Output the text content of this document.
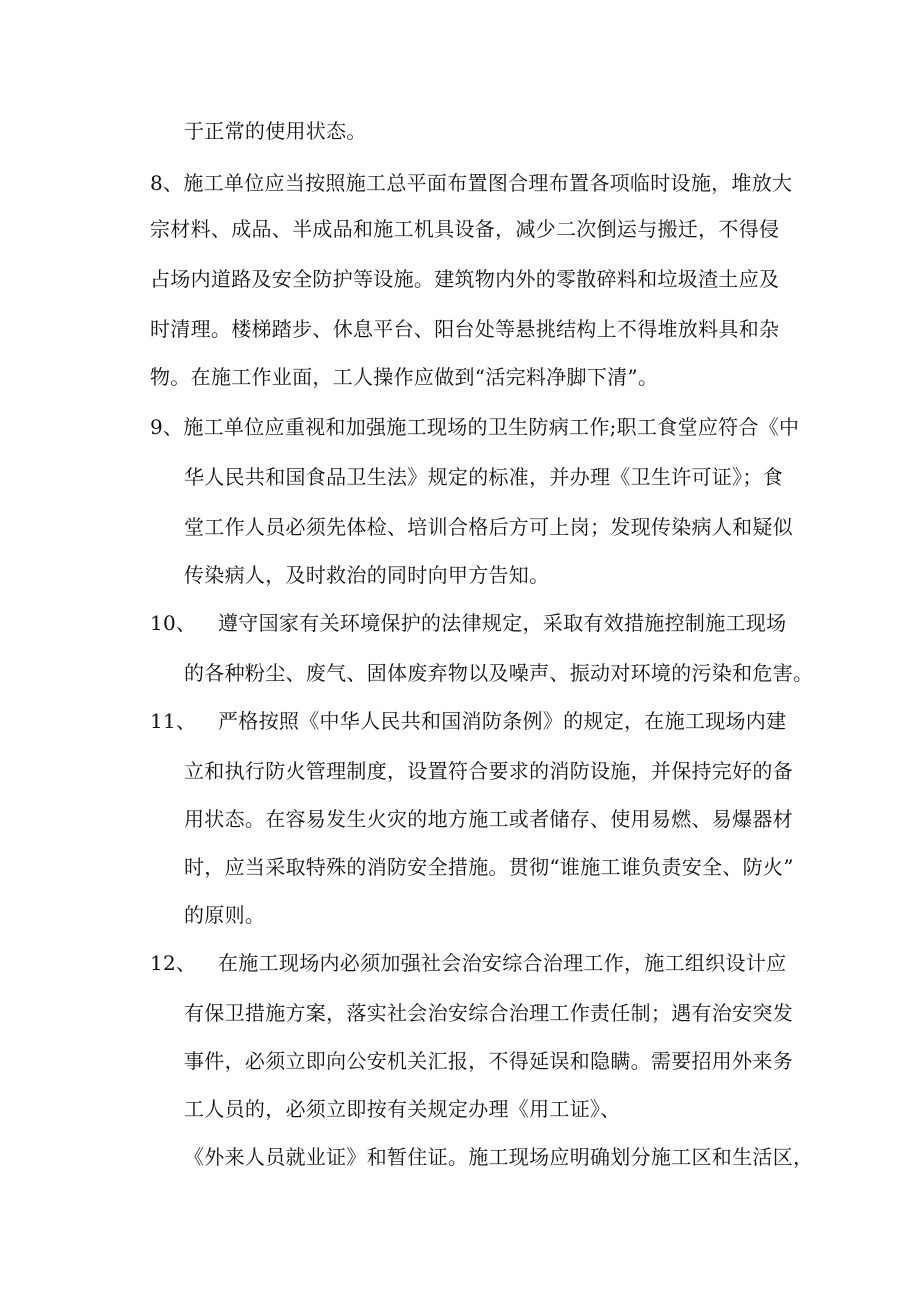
于正常的使用状态。
8、施工单位应当按照施工总平面布置图合理布置各项临时设施，堆放大
宗材料、成品、半成品和施工机具设备，减少二次倒运与搬迁，不得侵
占场内道路及安全防护等设施。建筑物内外的零散碎料和垃圾渣土应及
时清理。楼梯踏步、休息平台、阳台处等悬挑结构上不得堆放料具和杂
物。在施工作业面，工人操作应做到“活完料净脚下清”。
9、施工单位应重视和加强施工现场的卫生防病工作;职工食堂应符合《中
华人民共和国食品卫生法》规定的标准，并办理《卫生许可证》；食
堂工作人员必须先体检、培训合格后方可上岗；发现传染病人和疑似
传染病人，及时救治的同时向甲方告知。
10、 遵守国家有关环境保护的法律规定，采取有效措施控制施工现场
的各种粉尘、废气、固体废弃物以及噪声、振动对环境的污染和危害。
11、 严格按照《中华人民共和国消防条例》的规定，在施工现场内建
立和执行防火管理制度，设置符合要求的消防设施，并保持完好的备
用状态。在容易发生火灾的地方施工或者储存、使用易燃、易爆器材
时，应当采取特殊的消防安全措施。贯彻“谁施工谁负责安全、防火”
的原则。
12、 在施工现场内必须加强社会治安综合治理工作，施工组织设计应
有保卫措施方案，落实社会治安综合治理工作责任制；遇有治安突发
事件，必须立即向公安机关汇报，不得延误和隐瞒。需要招用外来务
工人员的，必须立即按有关规定办理《用工证》、
《外来人员就业证》和暂住证。施工现场应明确划分施工区和生活区，
